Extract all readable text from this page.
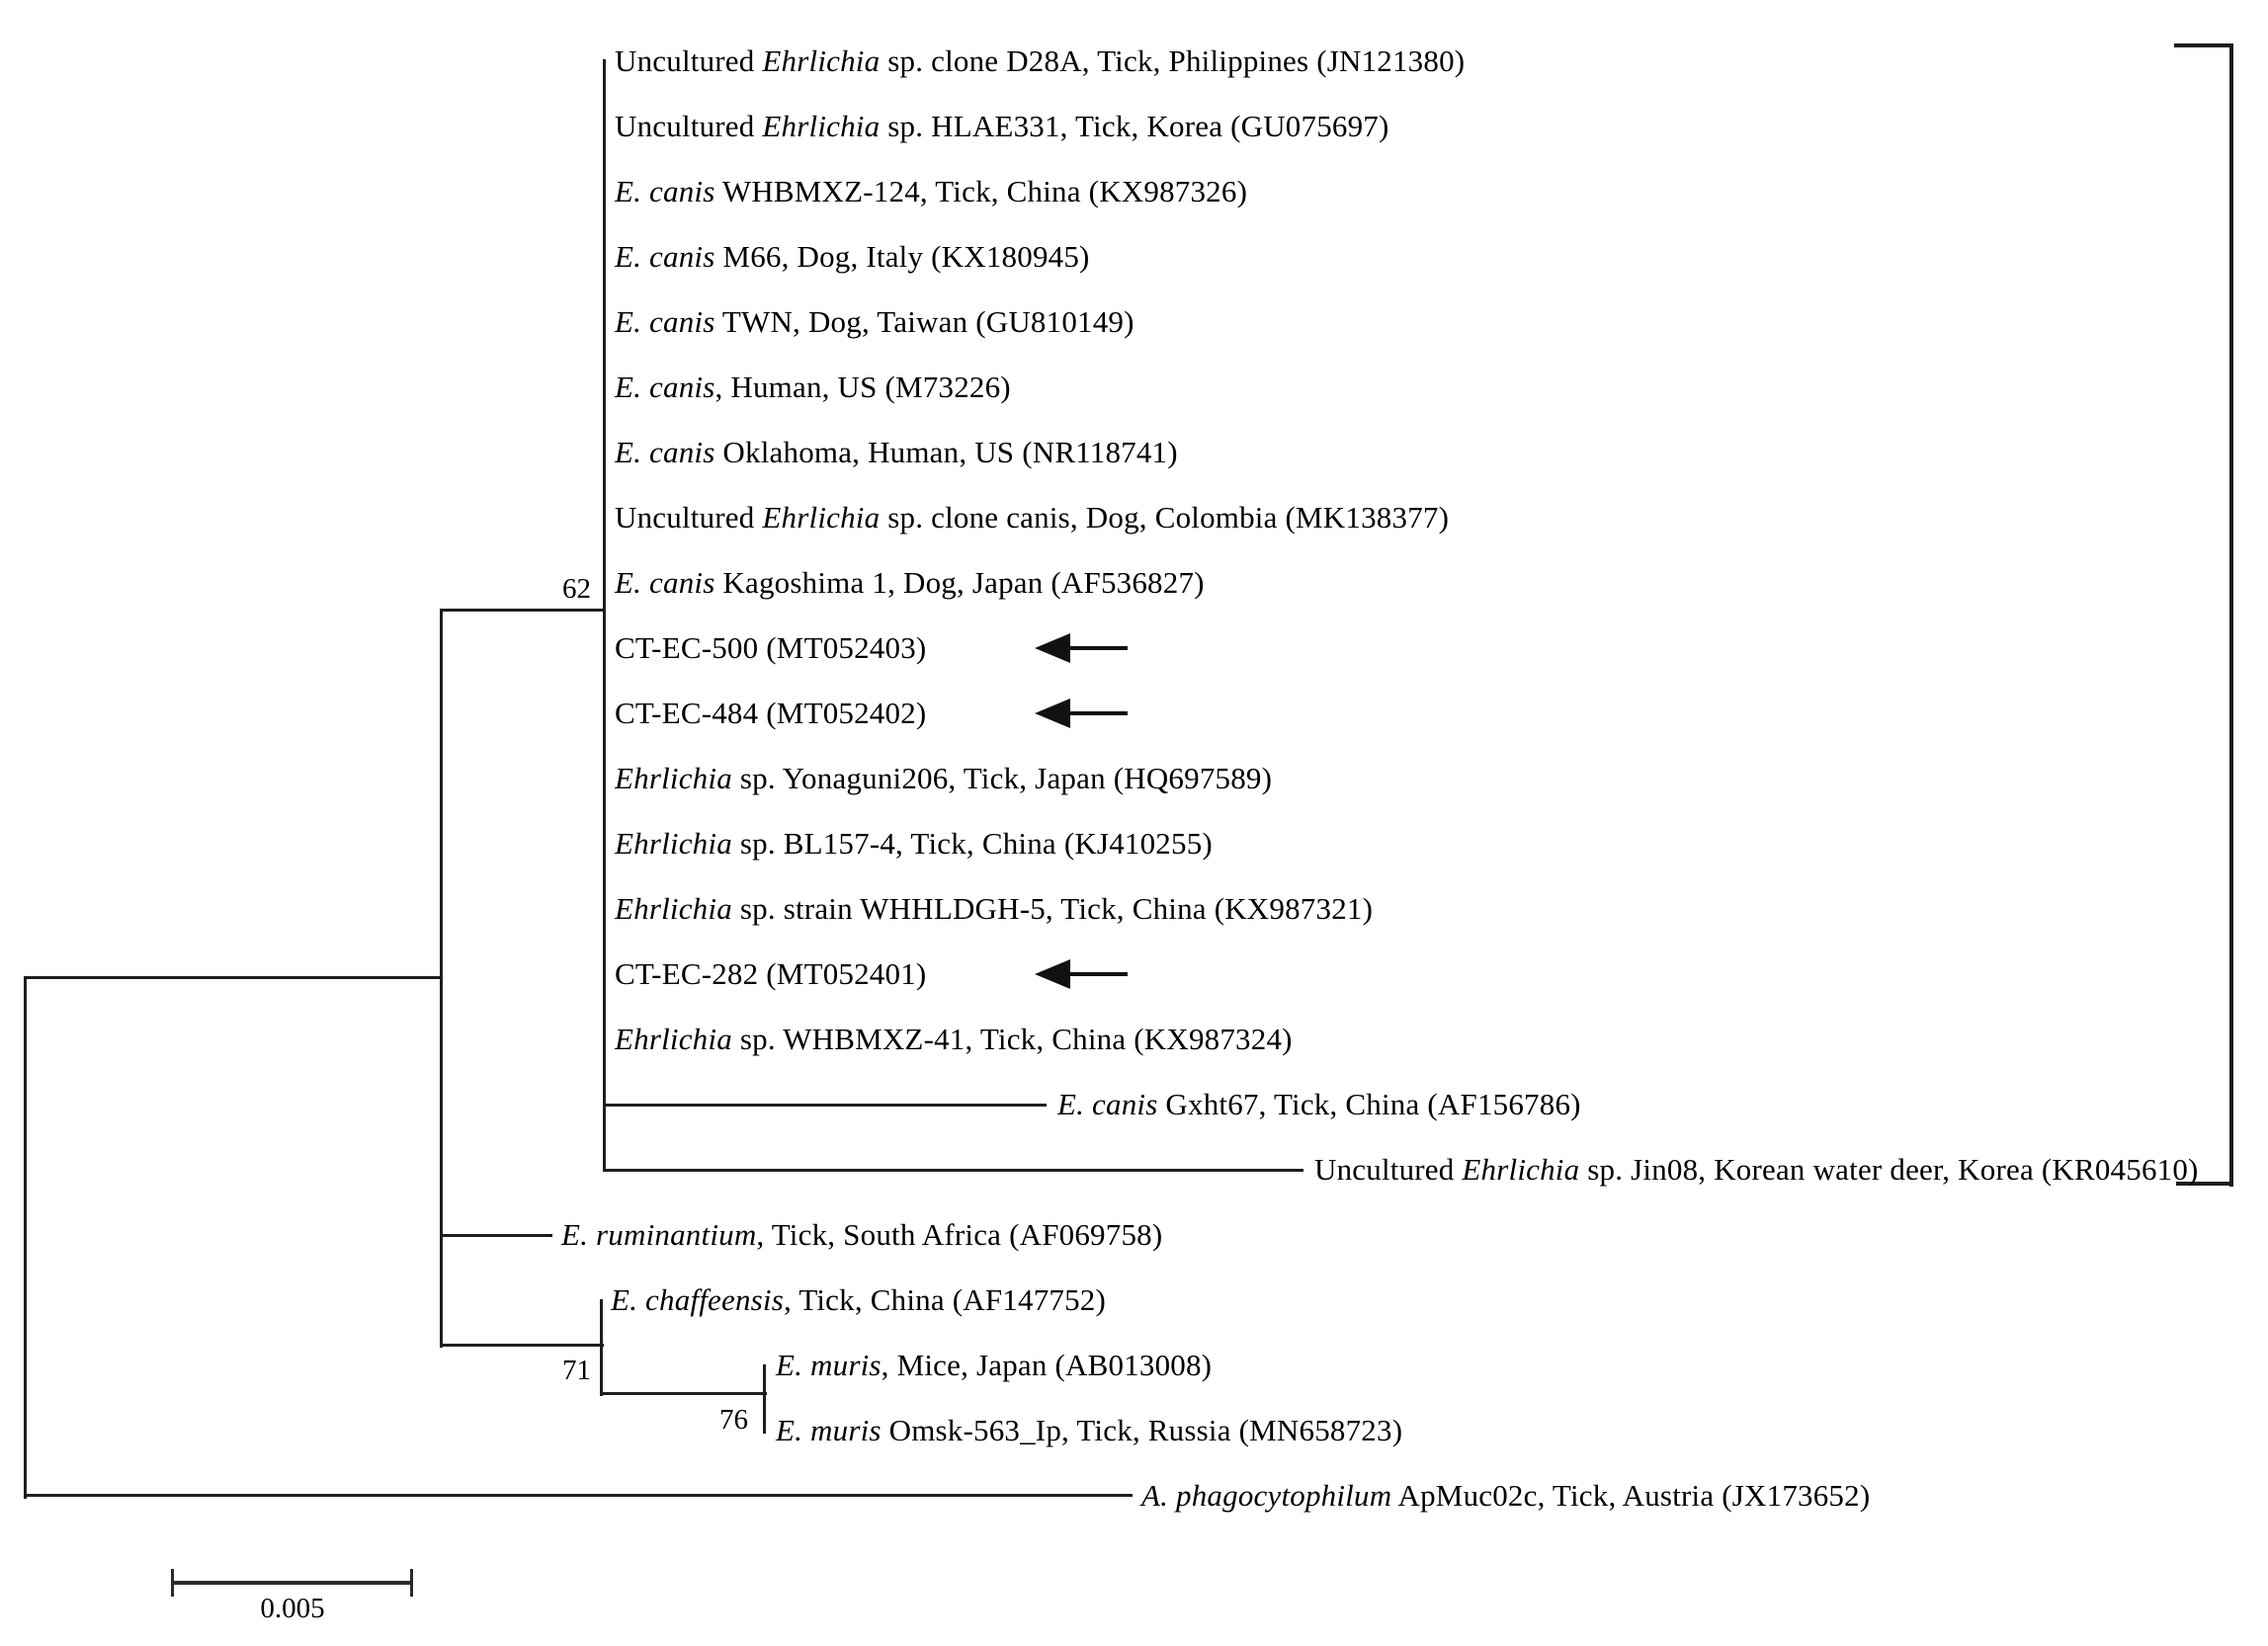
62
71
76
0.005
Uncultured Ehrlichia sp. clone D28A, Tick, Philippines (JN121380)
Uncultured Ehrlichia sp. HLAE331, Tick, Korea (GU075697)
E. canis WHBMXZ-124, Tick, China (KX987326)
E. canis M66, Dog, Italy (KX180945)
E. canis TWN, Dog, Taiwan (GU810149)
E. canis, Human, US (M73226)
E. canis Oklahoma, Human, US (NR118741)
Uncultured Ehrlichia sp. clone canis, Dog, Colombia (MK138377)
E. canis Kagoshima 1, Dog, Japan (AF536827)
CT-EC-500 (MT052403)
CT-EC-484 (MT052402)
Ehrlichia sp. Yonaguni206, Tick, Japan (HQ697589)
Ehrlichia sp. BL157-4, Tick, China (KJ410255)
Ehrlichia sp. strain WHHLDGH-5, Tick, China (KX987321)
CT-EC-282 (MT052401)
Ehrlichia sp. WHBMXZ-41, Tick, China (KX987324)
E. canis Gxht67, Tick, China (AF156786)
Uncultured Ehrlichia sp. Jin08, Korean water deer, Korea (KR045610)
E. ruminantium, Tick, South Africa (AF069758)
E. chaffeensis, Tick, China (AF147752)
E. muris, Mice, Japan (AB013008)
E. muris Omsk-563_Ip, Tick, Russia (MN658723)
A. phagocytophilum ApMuc02c, Tick, Austria (JX173652)
